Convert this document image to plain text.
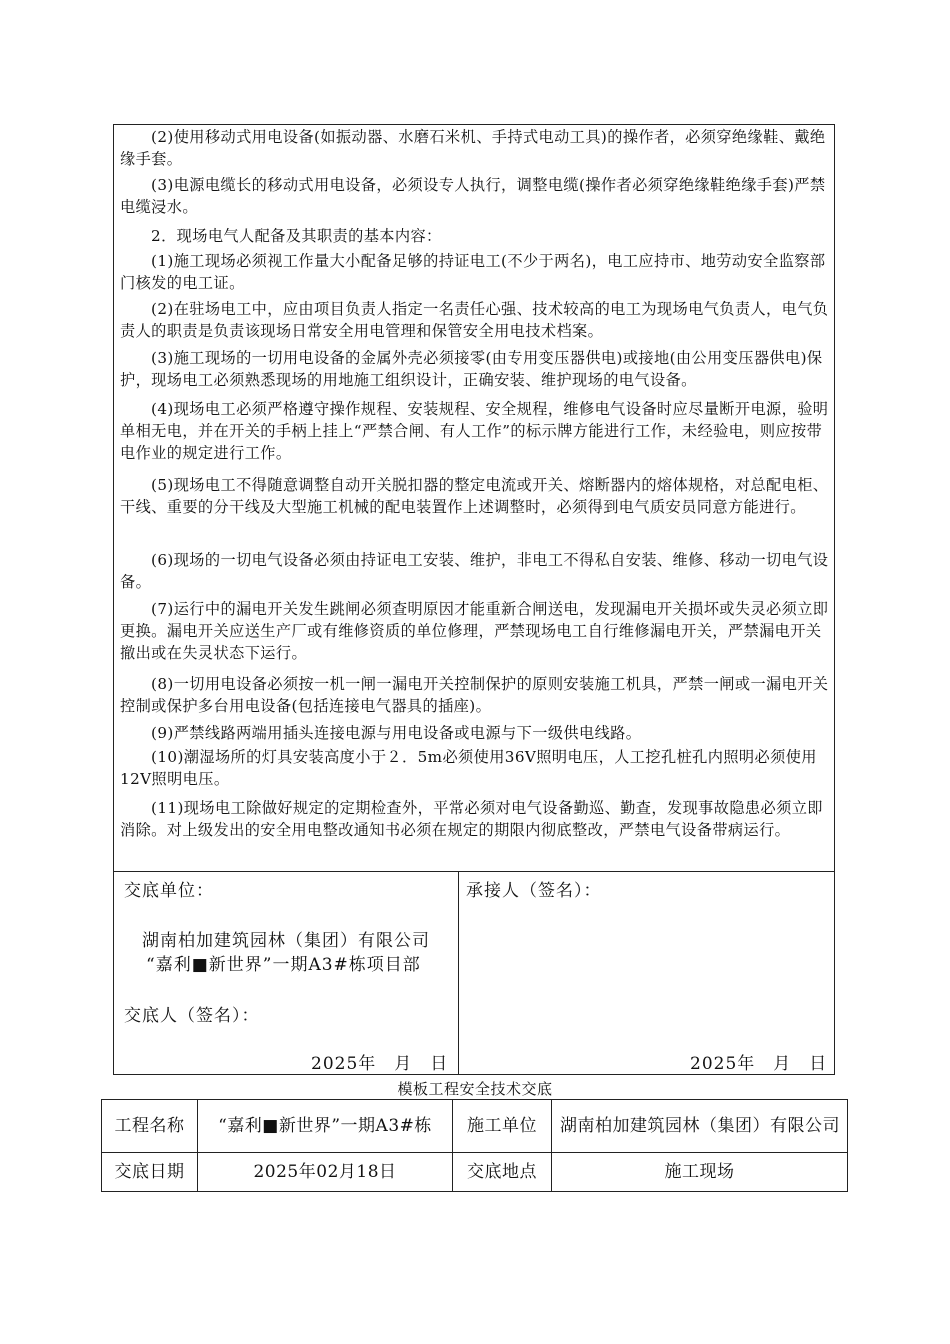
(2)使用移动式用电设备(如振动器、水磨石米机、手持式电动工具)的操作者，必须穿绝缘鞋、戴绝缘手套。
(3)电源电缆长的移动式用电设备，必须设专人执行，调整电缆(操作者必须穿绝缘鞋绝缘手套)严禁电缆浸水。
2．现场电气人配备及其职责的基本内容：
(1)施工现场必须视工作量大小配备足够的持证电工(不少于两名)，电工应持市、地劳动安全监察部门核发的电工证。
(2)在驻场电工中，应由项目负责人指定一名责任心强、技术较高的电工为现场电气负责人，电气负责人的职责是负责该现场日常安全用电管理和保管安全用电技术档案。
(3)施工现场的一切用电设备的金属外壳必须接零(由专用变压器供电)或接地(由公用变压器供电)保护，现场电工必须熟悉现场的用地施工组织设计，正确安装、维护现场的电气设备。
(4)现场电工必须严格遵守操作规程、安装规程、安全规程，维修电气设备时应尽量断开电源，验明单相无电，并在开关的手柄上挂上“严禁合闸、有人工作”的标示牌方能进行工作，未经验电，则应按带电作业的规定进行工作。
(5)现场电工不得随意调整自动开关脱扣器的整定电流或开关、熔断器内的熔体规格，对总配电柜、干线、重要的分干线及大型施工机械的配电装置作上述调整时，必须得到电气质安员同意方能进行。
(6)现场的一切电气设备必须由持证电工安装、维护，非电工不得私自安装、维修、移动一切电气设备。
(7)运行中的漏电开关发生跳闸必须查明原因才能重新合闸送电，发现漏电开关损坏或失灵必须立即更换。漏电开关应送生产厂或有维修资质的单位修理，严禁现场电工自行维修漏电开关，严禁漏电开关撤出或在失灵状态下运行。
(8)一切用电设备必须按一机一闸一漏电开关控制保护的原则安装施工机具，严禁一闸或一漏电开关控制或保护多台用电设备(包括连接电气器具的插座)。
(9)严禁线路两端用插头连接电源与用电设备或电源与下一级供电线路。
(10)潮湿场所的灯具安装高度小于２．5m必须使用36V照明电压，人工挖孔桩孔内照明必须使用12V照明电压。
(11)现场电工除做好规定的定期检查外，平常必须对电气设备勤巡、勤查，发现事故隐患必须立即消除。对上级发出的安全用电整改通知书必须在规定的期限内彻底整改，严禁电气设备带病运行。
交底单位：
湖南柏加建筑园林（集团）有限公司
“嘉利■新世界”一期A3#栋项目部
交底人（签名）：
2025年　月　日
承接人（签名）：
2025年　月　日
模板工程安全技术交底
工程名称	“嘉利■新世界”一期A3#栋	施工单位	湖南柏加建筑园林（集团）有限公司
交底日期	2025年02月18日	交底地点	施工现场
